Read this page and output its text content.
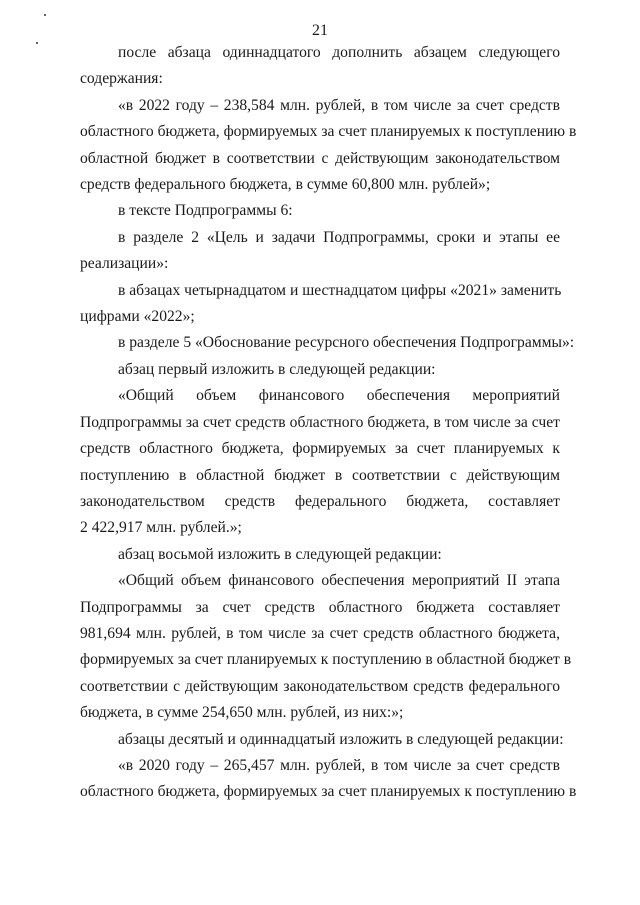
21

после абзаца одиннадцатого дополнить абзацем следующего
содержания:

«в 2022 году – 238,584 млн. рублей, в том числе за счет средств
областного бюджета, формируемых за счет планируемых к поступлению в
областной бюджет в соответствии с действующим законодательством
средств федерального бюджета, в сумме 60,800 млн. рублей»;

в тексте Подпрограммы 6:

в разделе 2 «Цель и задачи Подпрограммы, сроки и этапы ее
реализации»:

в абзацах четырнадцатом и шестнадцатом цифры «2021» заменить
цифрами «2022»;

в разделе 5 «Обоснование ресурсного обеспечения Подпрограммы»:

абзац первый изложить в следующей редакции:

«Общий объем финансового обеспечения мероприятий
Подпрограммы за счет средств областного бюджета, в том числе за счет
средств областного бюджета, формируемых за счет планируемых к
поступлению в областной бюджет в соответствии с действующим
законодательством средств федерального бюджета, составляет
2 422,917 млн. рублей.»;

абзац восьмой изложить в следующей редакции:

«Общий объем финансового обеспечения мероприятий II этапа
Подпрограммы за счет средств областного бюджета составляет
981,694 млн. рублей, в том числе за счет средств областного бюджета,
формируемых за счет планируемых к поступлению в областной бюджет в
соответствии с действующим законодательством средств федерального
бюджета, в сумме 254,650 млн. рублей, из них:»;

абзацы десятый и одиннадцатый изложить в следующей редакции:

«в 2020 году – 265,457 млн. рублей, в том числе за счет средств
областного бюджета, формируемых за счет планируемых к поступлению в
